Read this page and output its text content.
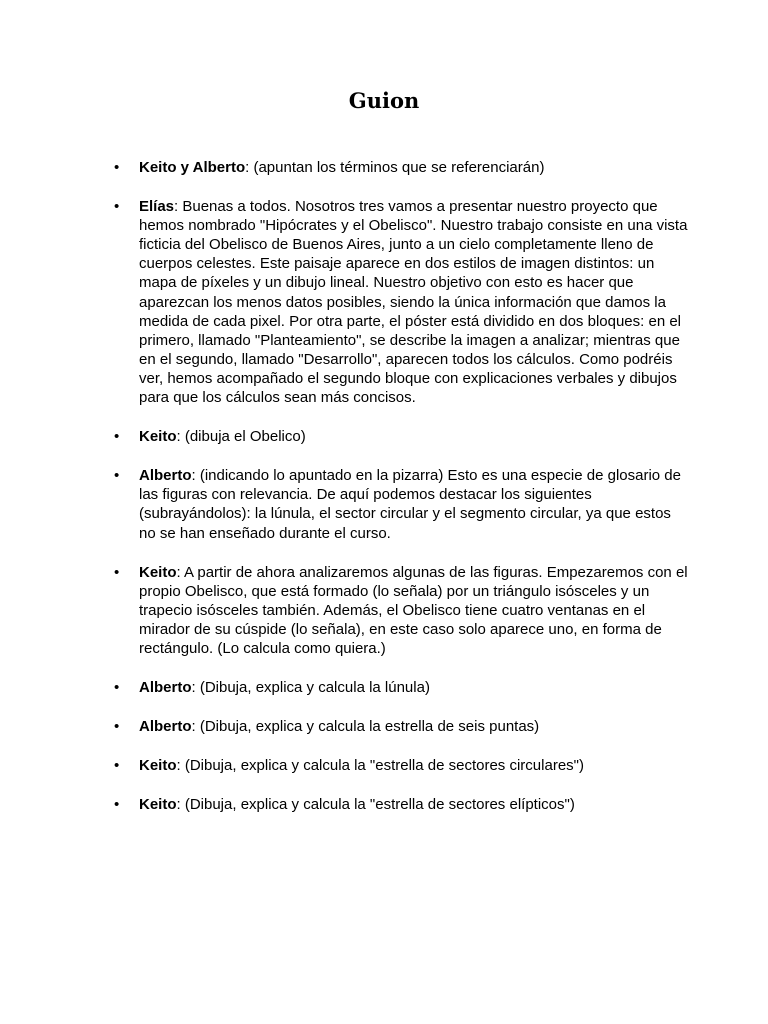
Guion
• Keito y Alberto: (apuntan los términos que se referenciarán)
• Elías: Buenas a todos. Nosotros tres vamos a presentar nuestro proyecto que hemos nombrado "Hipócrates y el Obelisco". Nuestro trabajo consiste en una vista ficticia del Obelisco de Buenos Aires, junto a un cielo completamente lleno de cuerpos celestes. Este paisaje aparece en dos estilos de imagen distintos: un mapa de píxeles y un dibujo lineal. Nuestro objetivo con esto es hacer que aparezcan los menos datos posibles, siendo la única información que damos la medida de cada pixel. Por otra parte, el póster está dividido en dos bloques: en el primero, llamado "Planteamiento", se describe la imagen a analizar; mientras que en el segundo, llamado "Desarrollo", aparecen todos los cálculos. Como podréis ver, hemos acompañado el segundo bloque con explicaciones verbales y dibujos para que los cálculos sean más concisos.
• Keito: (dibuja el Obelico)
• Alberto: (indicando lo apuntado en la pizarra) Esto es una especie de glosario de las figuras con relevancia. De aquí podemos destacar los siguientes (subrayándolos): la lúnula, el sector circular y el segmento circular, ya que estos no se han enseñado durante el curso.
• Keito: A partir de ahora analizaremos algunas de las figuras. Empezaremos con el propio Obelisco, que está formado (lo señala) por un triángulo isósceles y un trapecio isósceles también. Además, el Obelisco tiene cuatro ventanas en el mirador de su cúspide (lo señala), en este caso solo aparece uno, en forma de rectángulo. (Lo calcula como quiera.)
• Alberto: (Dibuja, explica y calcula la lúnula)
• Alberto: (Dibuja, explica y calcula la estrella de seis puntas)
• Keito: (Dibuja, explica y calcula la "estrella de sectores circulares")
• Keito: (Dibuja, explica y calcula la "estrella de sectores elípticos")
